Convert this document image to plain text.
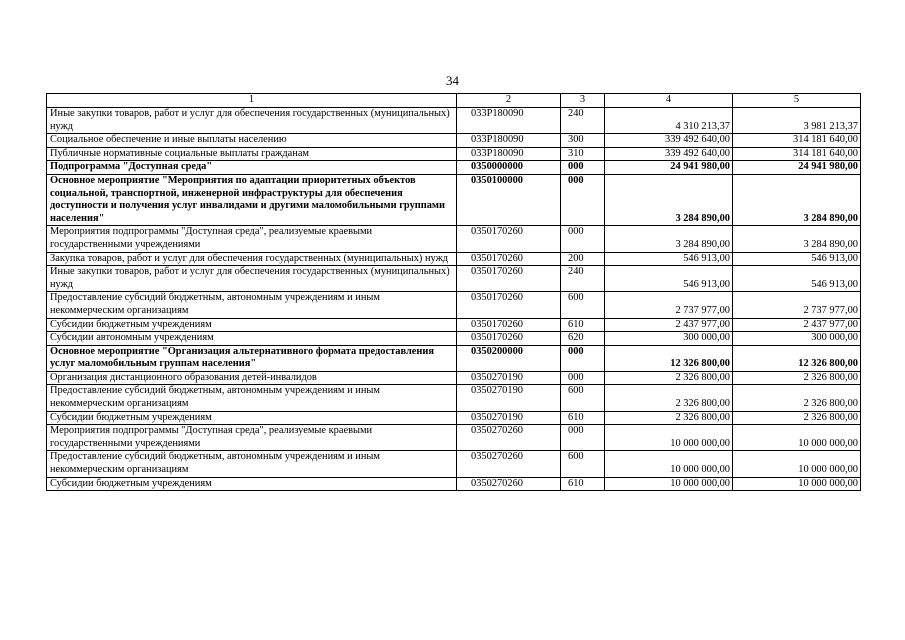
34
1	2	3	4	5
Иные закупки товаров, работ и услуг для обеспечения государственных (муниципальных) нужд	033P180090	240	4 310 213,37	3 981 213,37
Социальное обеспечение и иные выплаты населению	033P180090	300	339 492 640,00	314 181 640,00
Публичные нормативные социальные выплаты гражданам	033P180090	310	339 492 640,00	314 181 640,00
Подпрограмма "Доступная среда"	0350000000	000	24 941 980,00	24 941 980,00
Основное мероприятие "Мероприятия по адаптации приоритетных объектов социальной, транспортной, инженерной инфраструктуры для обеспечения доступности и получения услуг инвалидами и другими маломобильными группами населения"	0350100000	000	3 284 890,00	3 284 890,00
Мероприятия подпрограммы "Доступная среда", реализуемые краевыми государственными учреждениями	0350170260	000	3 284 890,00	3 284 890,00
Закупка товаров, работ и услуг для обеспечения государственных (муниципальных) нужд	0350170260	200	546 913,00	546 913,00
Иные закупки товаров, работ и услуг для обеспечения государственных (муниципальных) нужд	0350170260	240	546 913,00	546 913,00
Предоставление субсидий бюджетным, автономным учреждениям и иным некоммерческим организациям	0350170260	600	2 737 977,00	2 737 977,00
Субсидии бюджетным учреждениям	0350170260	610	2 437 977,00	2 437 977,00
Субсидии автономным учреждениям	0350170260	620	300 000,00	300 000,00
Основное мероприятие "Организация альтернативного формата предоставления услуг маломобильным группам населения"	0350200000	000	12 326 800,00	12 326 800,00
Организация дистанционного образования детей-инвалидов	0350270190	000	2 326 800,00	2 326 800,00
Предоставление субсидий бюджетным, автономным учреждениям и иным некоммерческим организациям	0350270190	600	2 326 800,00	2 326 800,00
Субсидии бюджетным учреждениям	0350270190	610	2 326 800,00	2 326 800,00
Мероприятия подпрограммы "Доступная среда", реализуемые краевыми государственными учреждениями	0350270260	000	10 000 000,00	10 000 000,00
Предоставление субсидий бюджетным, автономным учреждениям и иным некоммерческим организациям	0350270260	600	10 000 000,00	10 000 000,00
Субсидии бюджетным учреждениям	0350270260	610	10 000 000,00	10 000 000,00
